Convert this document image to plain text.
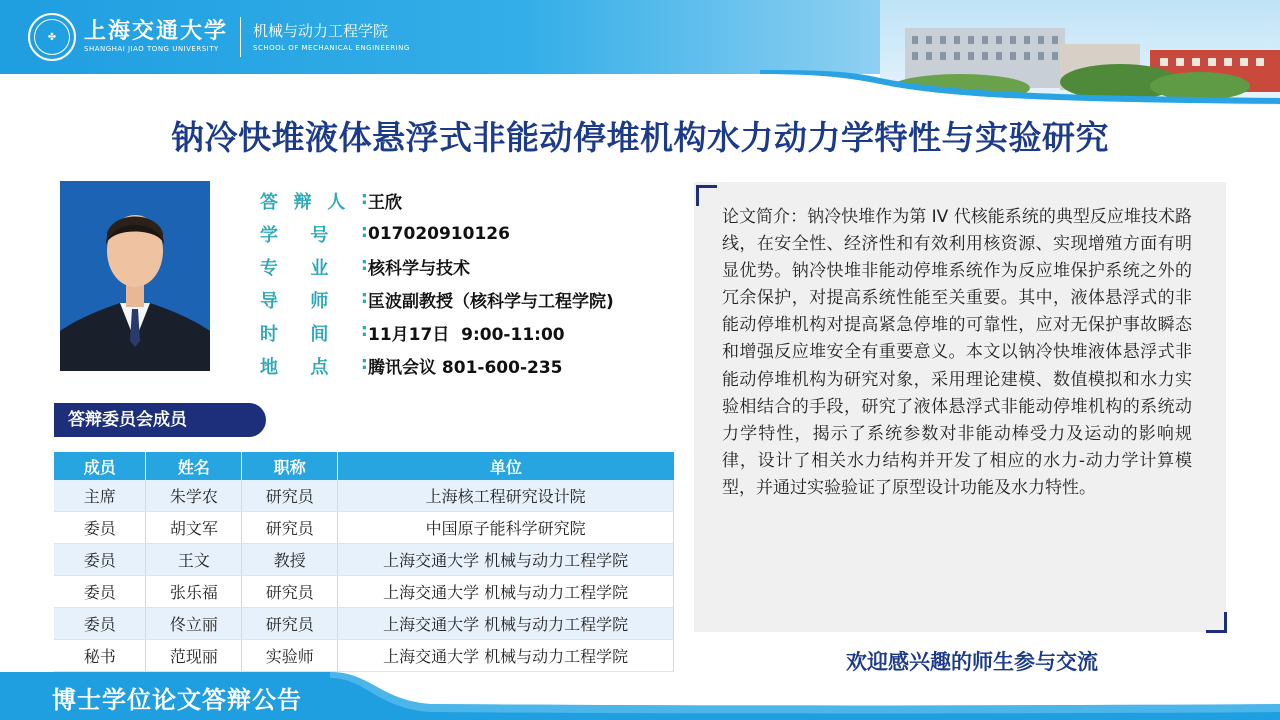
✤	上海交通大学
SHANGHAI JIAO TONG UNIVERSITY
机械与动力工程学院
SCHOOL OF MECHANICAL ENGINEERING
钠冷快堆液体悬浮式非能动停堆机构水力动力学特性与实验研究
答 辩 人 : 王欣
学 号 : 017020910126
专 业 : 核科学与技术
导 师 : 匡波副教授（核科学与工程学院)
时 间 : 11月17日  9:00-11:00
地 点 : 腾讯会议 801-600-235
答辩委员会成员
成员	姓名	职称	单位
主席	朱学农	研究员	上海核工程研究设计院
委员	胡文军	研究员	中国原子能科学研究院
委员	王文	教授	上海交通大学 机械与动力工程学院
委员	张乐福	研究员	上海交通大学 机械与动力工程学院
委员	佟立丽	研究员	上海交通大学 机械与动力工程学院
秘书	范现丽	实验师	上海交通大学 机械与动力工程学院

论文简介：钠冷快堆作为第 IV 代核能系统的典型反应堆技术路线，在安全性、经济性和有效利用核资源、实现增殖方面有明显优势。钠冷快堆非能动停堆系统作为反应堆保护系统之外的冗余保护，对提高系统性能至关重要。其中，液体悬浮式的非能动停堆机构对提高紧急停堆的可靠性，应对无保护事故瞬态和增强反应堆安全有重要意义。本文以钠冷快堆液体悬浮式非能动停堆机构为研究对象，采用理论建模、数值模拟和水力实验相结合的手段，研究了液体悬浮式非能动停堆机构的系统动力学特性，揭示了系统参数对非能动棒受力及运动的影响规律，设计了相关水力结构并开发了相应的水力-动力学计算模型，并通过实验验证了原型设计功能及水力特性。

欢迎感兴趣的师生参与交流
博士学位论文答辩公告
